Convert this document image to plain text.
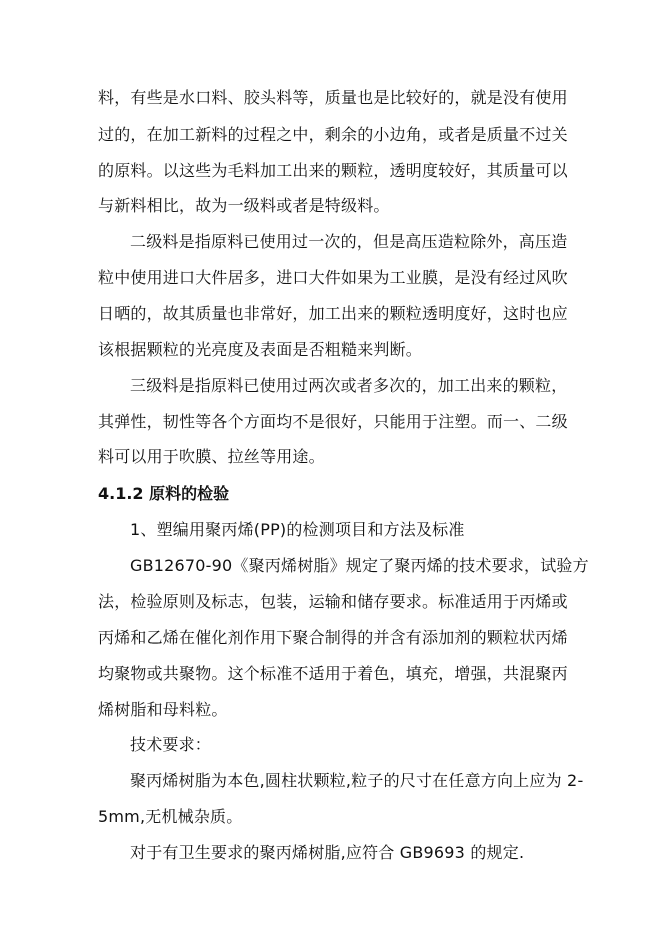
料，有些是水口料、胶头料等，质量也是比较好的，就是没有使用
过的，在加工新料的过程之中，剩余的小边角，或者是质量不过关
的原料。以这些为毛料加工出来的颗粒，透明度较好，其质量可以
与新料相比，故为一级料或者是特级料。
二级料是指原料已使用过一次的，但是高压造粒除外，高压造
粒中使用进口大件居多，进口大件如果为工业膜，是没有经过风吹
日晒的，故其质量也非常好，加工出来的颗粒透明度好，这时也应
该根据颗粒的光亮度及表面是否粗糙来判断。
三级料是指原料已使用过两次或者多次的，加工出来的颗粒，
其弹性，韧性等各个方面均不是很好，只能用于注塑。而一、二级
料可以用于吹膜、拉丝等用途。
4.1.2 原料的检验
1、塑编用聚丙烯(PP)的检测项目和方法及标准
GB12670-90《聚丙烯树脂》规定了聚丙烯的技术要求，试验方
法，检验原则及标志，包装，运输和储存要求。标准适用于丙烯或
丙烯和乙烯在催化剂作用下聚合制得的并含有添加剂的颗粒状丙烯
均聚物或共聚物。这个标准不适用于着色，填充，增强，共混聚丙
烯树脂和母料粒。
技术要求：
聚丙烯树脂为本色,圆柱状颗粒,粒子的尺寸在任意方向上应为 2-
5mm,无机械杂质。
对于有卫生要求的聚丙烯树脂,应符合 GB9693 的规定.
